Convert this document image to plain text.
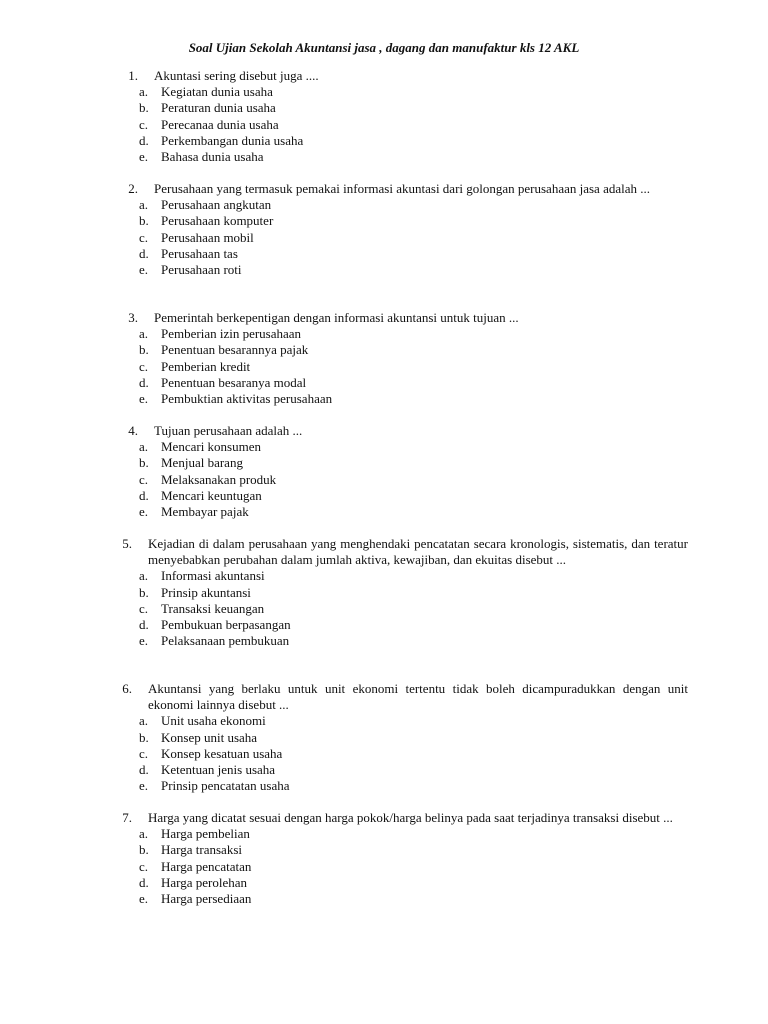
Soal Ujian Sekolah Akuntansi jasa , dagang dan manufaktur kls 12 AKL
1. Akuntasi sering disebut juga ....
a. Kegiatan dunia usaha
b. Peraturan dunia usaha
c. Perecanaa dunia usaha
d. Perkembangan dunia usaha
e. Bahasa dunia usaha
2. Perusahaan yang termasuk pemakai informasi akuntasi dari golongan perusahaan jasa adalah ...
a. Perusahaan angkutan
b. Perusahaan komputer
c. Perusahaan mobil
d. Perusahaan tas
e. Perusahaan roti
3. Pemerintah berkepentigan dengan informasi akuntansi untuk tujuan ...
a. Pemberian izin perusahaan
b. Penentuan besarannya pajak
c. Pemberian kredit
d. Penentuan besaranya modal
e. Pembuktian aktivitas perusahaan
4. Tujuan perusahaan adalah ...
a. Mencari konsumen
b. Menjual barang
c. Melaksanakan produk
d. Mencari keuntugan
e. Membayar pajak
5. Kejadian di dalam perusahaan yang menghendaki pencatatan secara kronologis, sistematis, dan teratur menyebabkan perubahan dalam jumlah aktiva, kewajiban, dan ekuitas disebut ...
a. Informasi akuntansi
b. Prinsip akuntansi
c. Transaksi keuangan
d. Pembukuan berpasangan
e. Pelaksanaan pembukuan
6. Akuntansi yang berlaku untuk unit ekonomi tertentu tidak boleh dicampuradukkan dengan unit ekonomi lainnya disebut ...
a. Unit usaha ekonomi
b. Konsep unit usaha
c. Konsep kesatuan usaha
d. Ketentuan jenis usaha
e. Prinsip pencatatan usaha
7. Harga yang dicatat sesuai dengan harga pokok/harga belinya pada saat terjadinya transaksi disebut ...
a. Harga pembelian
b. Harga transaksi
c. Harga pencatatan
d. Harga perolehan
e. Harga persediaan
